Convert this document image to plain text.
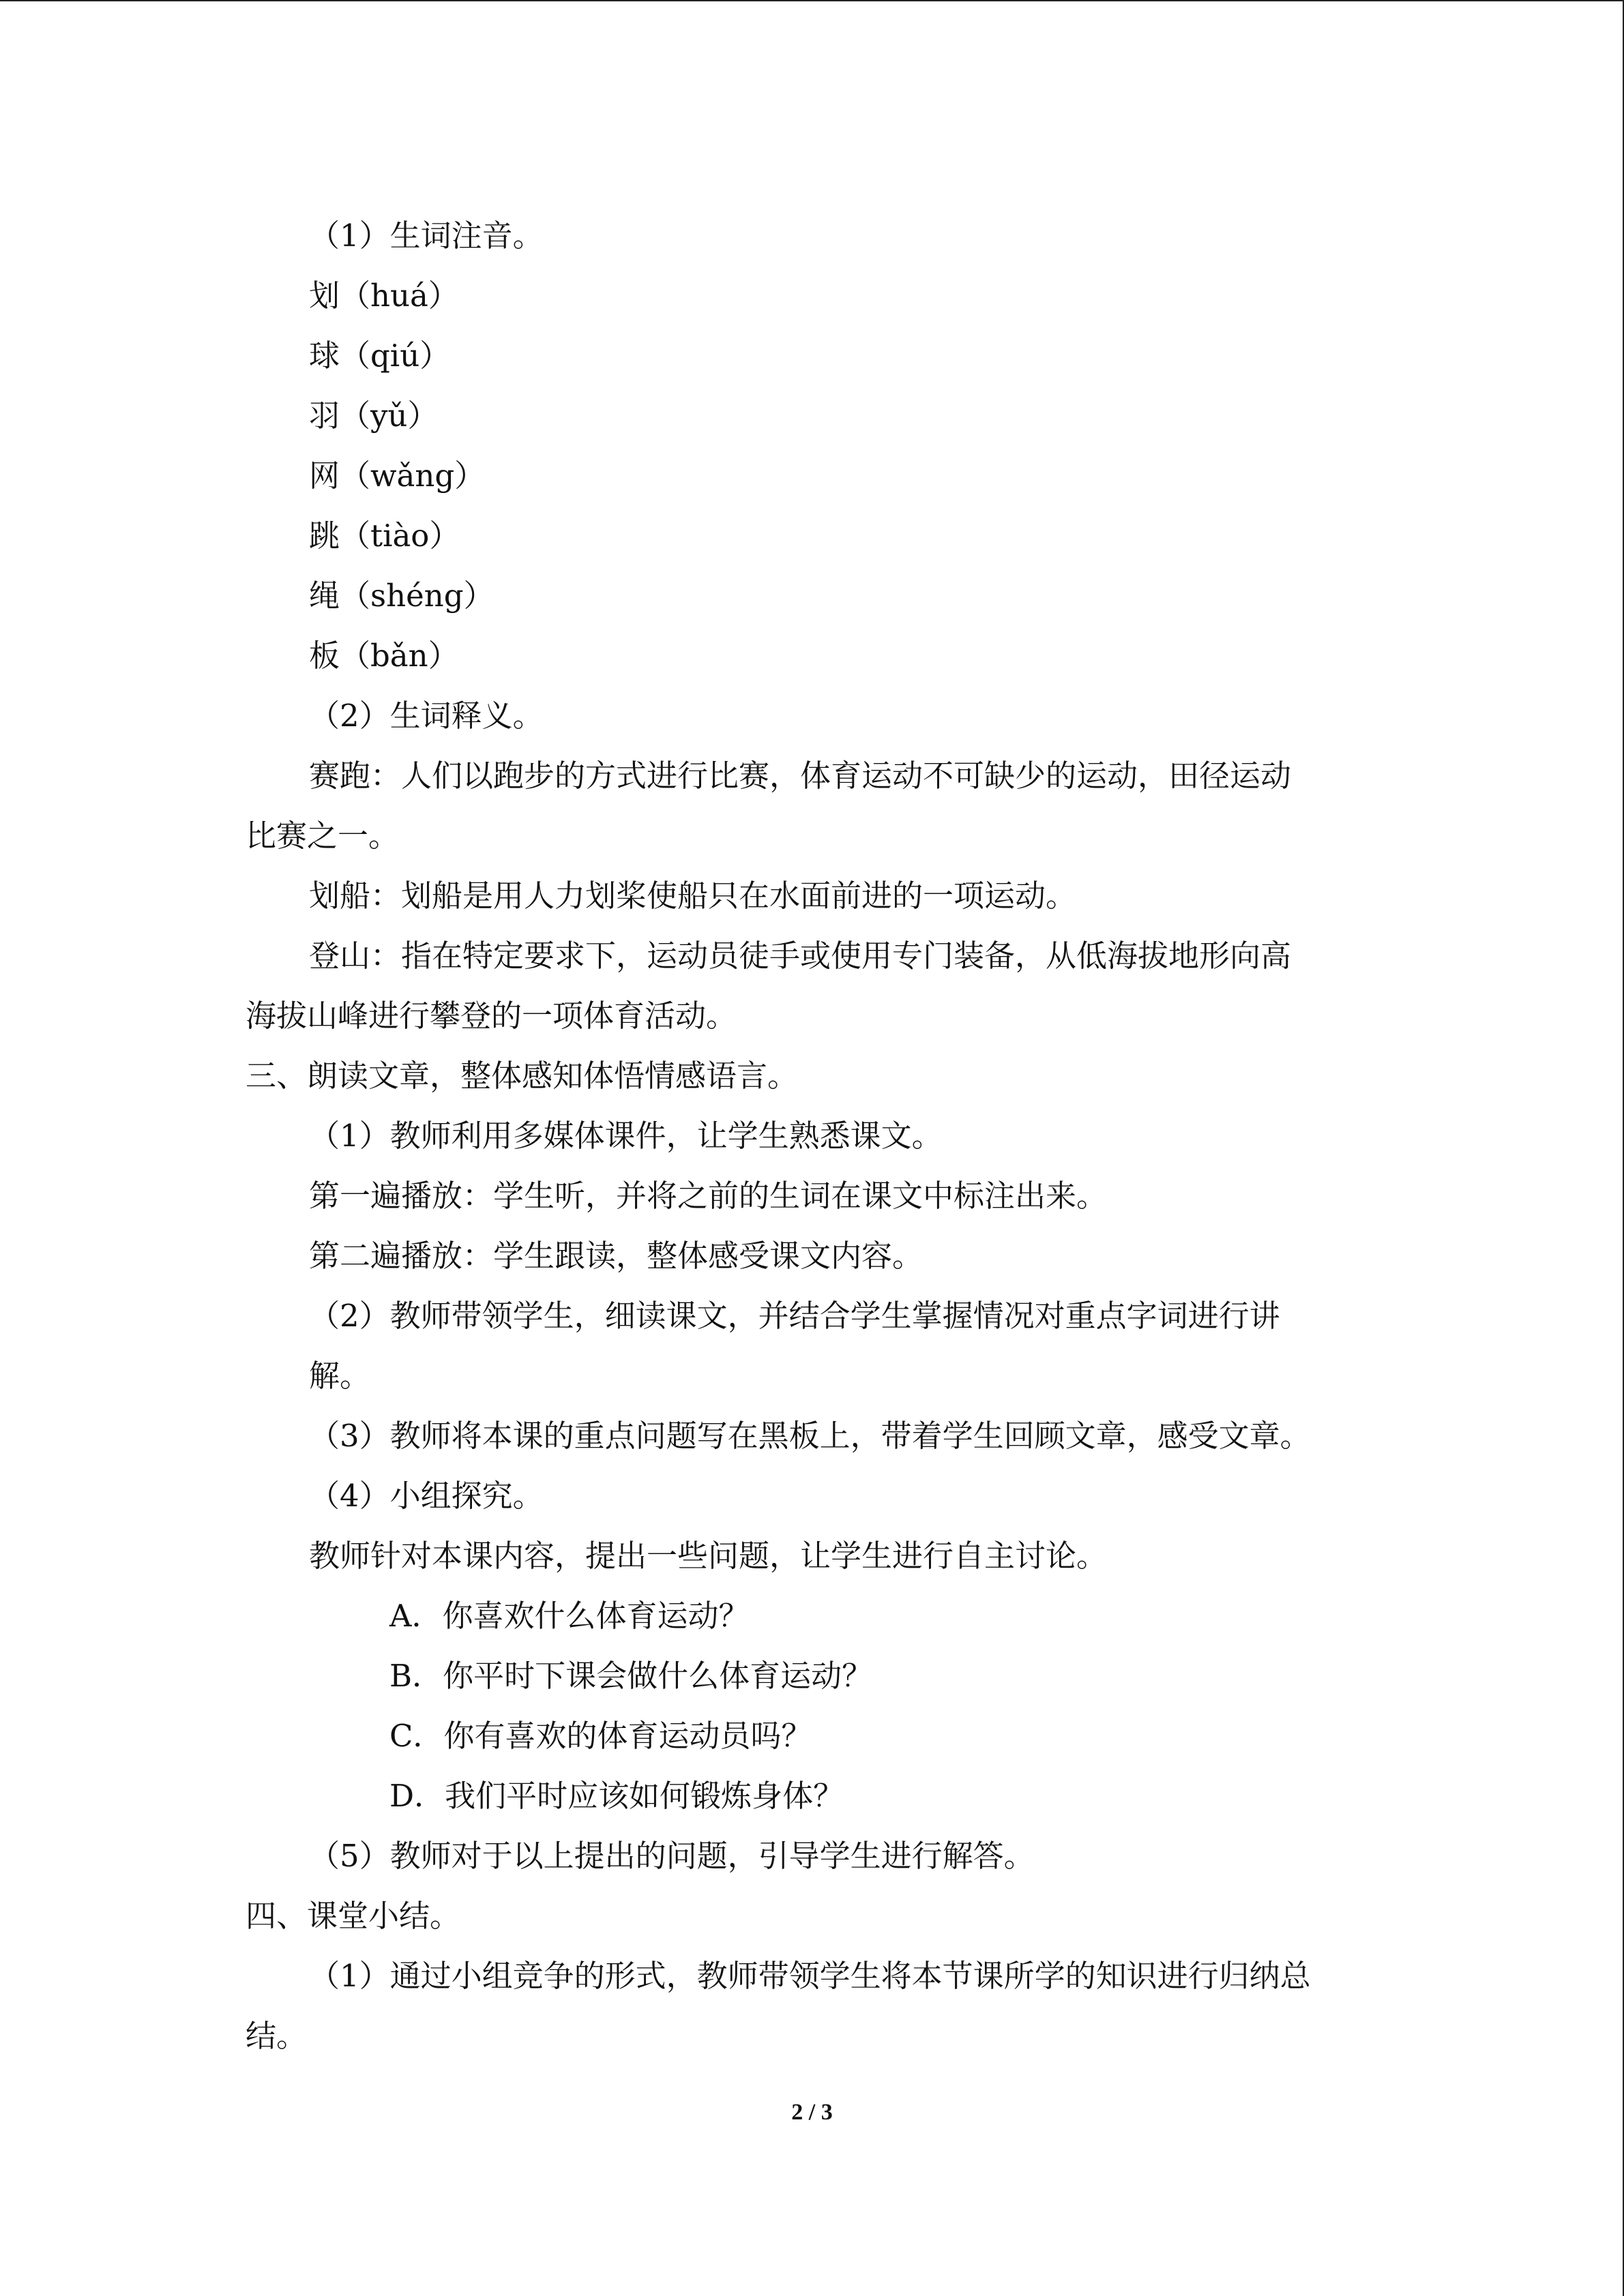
（1）生词注音。
划（huá）
球（qiú）
羽（yǔ）
网（wǎng）
跳（tiào）
绳（shéng）
板（bǎn）
（2）生词释义。
赛跑：人们以跑步的方式进行比赛，体育运动不可缺少的运动，田径运动
比赛之一。
划船：划船是用人力划桨使船只在水面前进的一项运动。
登山：指在特定要求下，运动员徒手或使用专门装备，从低海拔地形向高
海拔山峰进行攀登的一项体育活动。
三、朗读文章，整体感知体悟情感语言。
（1）教师利用多媒体课件，让学生熟悉课文。
第一遍播放：学生听，并将之前的生词在课文中标注出来。
第二遍播放：学生跟读，整体感受课文内容。
（2）教师带领学生，细读课文，并结合学生掌握情况对重点字词进行讲
解。
（3）教师将本课的重点问题写在黑板上，带着学生回顾文章，感受文章。
（4）小组探究。
教师针对本课内容，提出一些问题，让学生进行自主讨论。
A．你喜欢什么体育运动？
B．你平时下课会做什么体育运动？
C．你有喜欢的体育运动员吗？
D．我们平时应该如何锻炼身体？
（5）教师对于以上提出的问题，引导学生进行解答。
四、课堂小结。
（1）通过小组竞争的形式，教师带领学生将本节课所学的知识进行归纳总
结。
2 / 3
